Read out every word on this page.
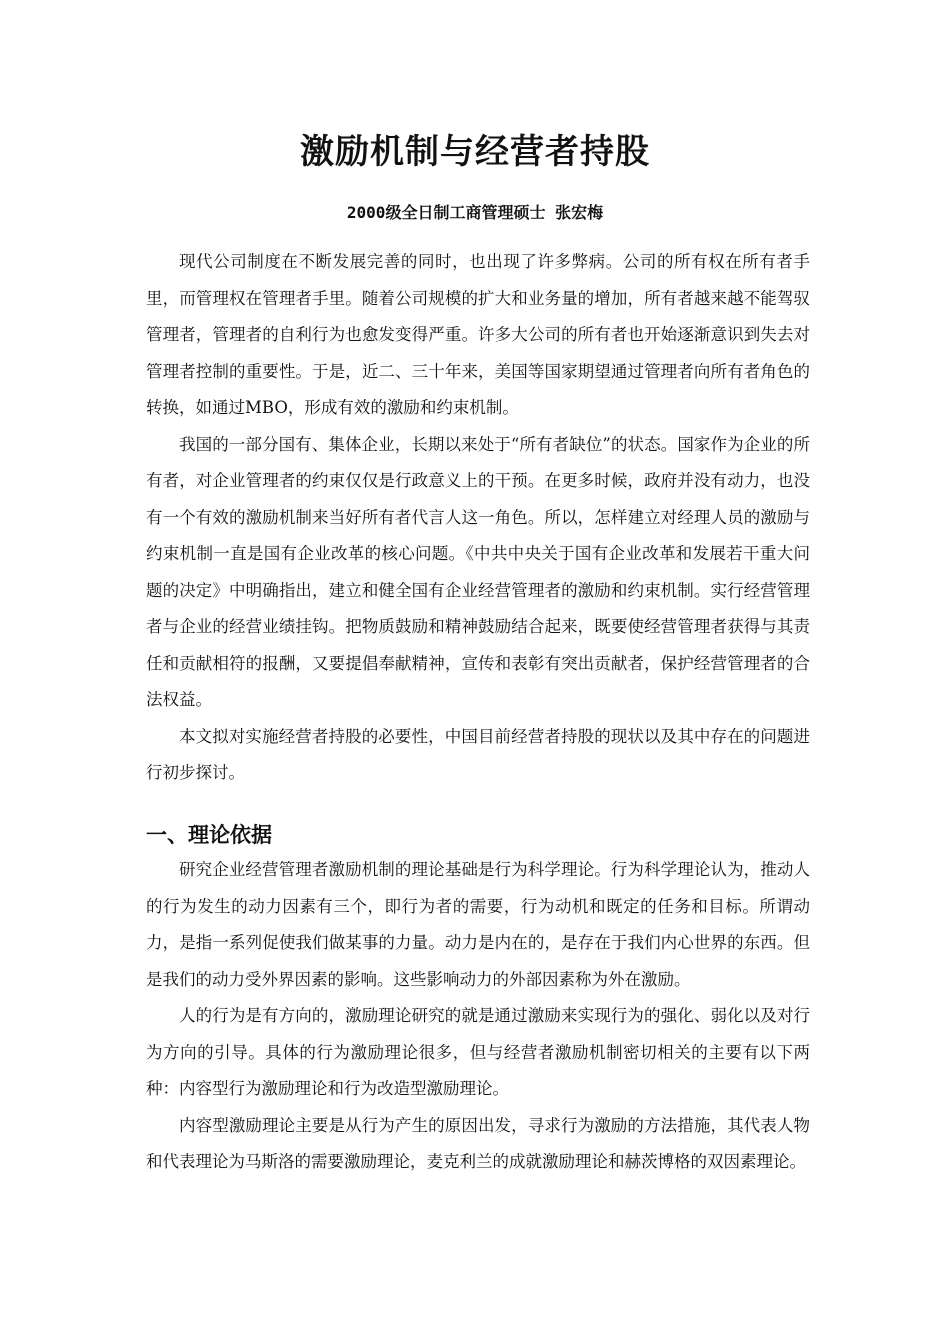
激励机制与经营者持股

2000级全日制工商管理硕士 张宏梅

现代公司制度在不断发展完善的同时，也出现了许多弊病。公司的所有权在所有者手里，而管理权在管理者手里。随着公司规模的扩大和业务量的增加，所有者越来越不能驾驭管理者，管理者的自利行为也愈发变得严重。许多大公司的所有者也开始逐渐意识到失去对管理者控制的重要性。于是，近二、三十年来，美国等国家期望通过管理者向所有者角色的转换，如通过MBO，形成有效的激励和约束机制。

我国的一部分国有、集体企业，长期以来处于“所有者缺位”的状态。国家作为企业的所有者，对企业管理者的约束仅仅是行政意义上的干预。在更多时候，政府并没有动力，也没有一个有效的激励机制来当好所有者代言人这一角色。所以，怎样建立对经理人员的激励与约束机制一直是国有企业改革的核心问题。《中共中央关于国有企业改革和发展若干重大问题的决定》中明确指出，建立和健全国有企业经营管理者的激励和约束机制。实行经营管理者与企业的经营业绩挂钩。把物质鼓励和精神鼓励结合起来，既要使经营管理者获得与其责任和贡献相符的报酬，又要提倡奉献精神，宣传和表彰有突出贡献者，保护经营管理者的合法权益。

本文拟对实施经营者持股的必要性，中国目前经营者持股的现状以及其中存在的问题进行初步探讨。

一、理论依据

研究企业经营管理者激励机制的理论基础是行为科学理论。行为科学理论认为，推动人的行为发生的动力因素有三个，即行为者的需要，行为动机和既定的任务和目标。所谓动力，是指一系列促使我们做某事的力量。动力是内在的，是存在于我们内心世界的东西。但是我们的动力受外界因素的影响。这些影响动力的外部因素称为外在激励。

人的行为是有方向的，激励理论研究的就是通过激励来实现行为的强化、弱化以及对行为方向的引导。具体的行为激励理论很多，但与经营者激励机制密切相关的主要有以下两种：内容型行为激励理论和行为改造型激励理论。

内容型激励理论主要是从行为产生的原因出发，寻求行为激励的方法措施，其代表人物和代表理论为马斯洛的需要激励理论，麦克利兰的成就激励理论和赫茨博格的双因素理论。
